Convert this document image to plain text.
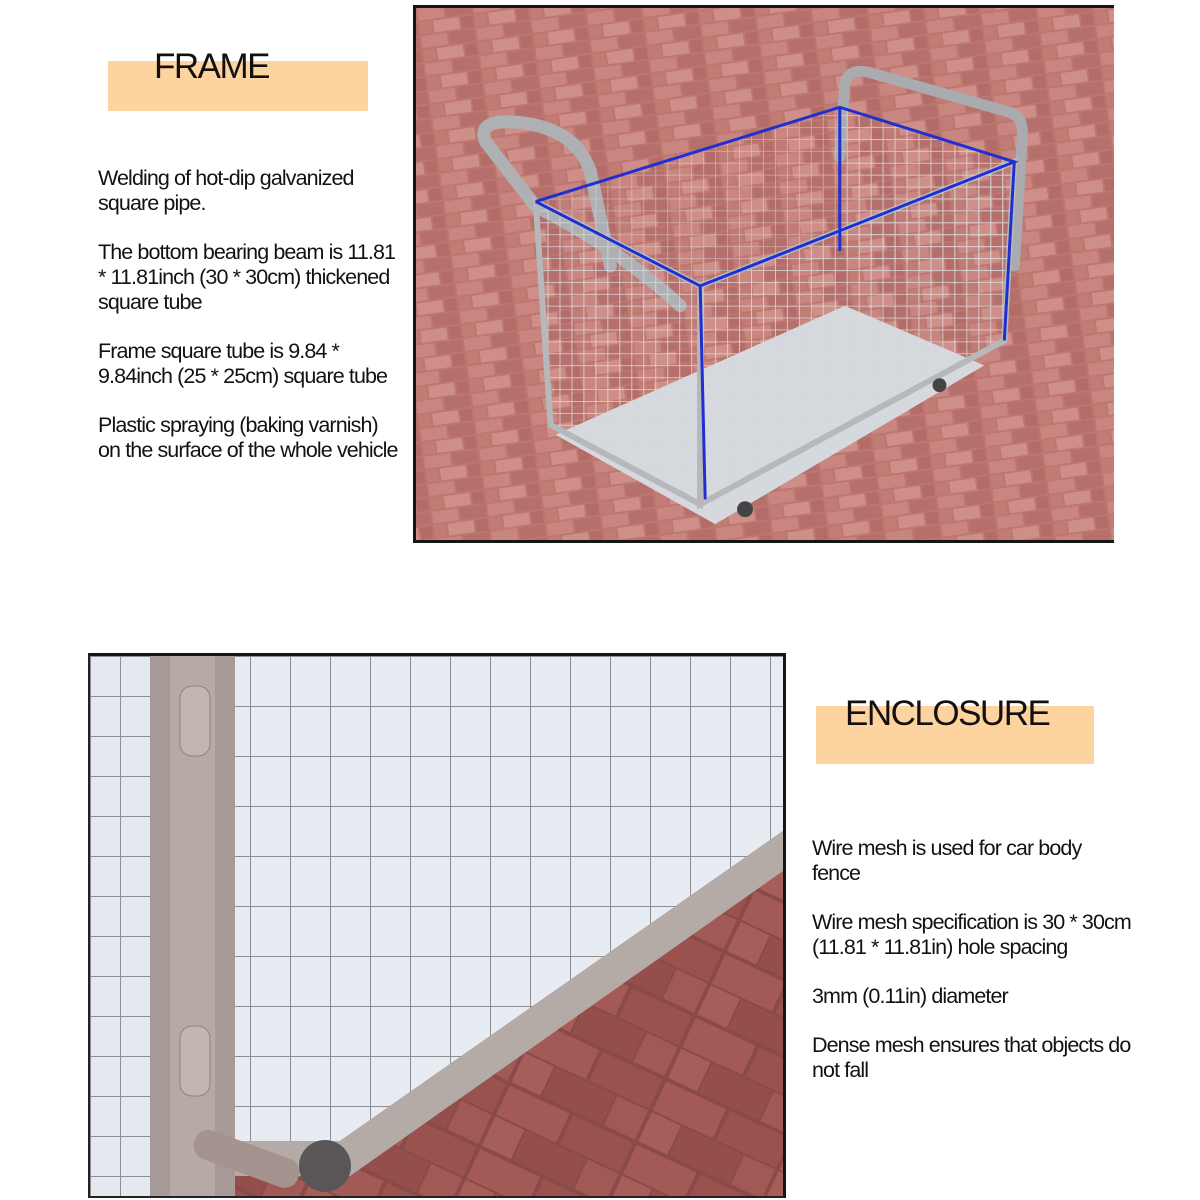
FRAME

Welding of hot-dip galvanized square pipe.

The bottom bearing beam is 11.81 * 11.81inch (30 * 30cm) thickened square tube

Frame square tube is 9.84 * 9.84inch (25 * 25cm) square tube

Plastic spraying (baking varnish) on the surface of the whole vehicle

ENCLOSURE

Wire mesh is used for car body fence

Wire mesh specification is 30 * 30cm (11.81 * 11.81in) hole spacing

3mm (0.11in) diameter

Dense mesh ensures that objects do not fall
